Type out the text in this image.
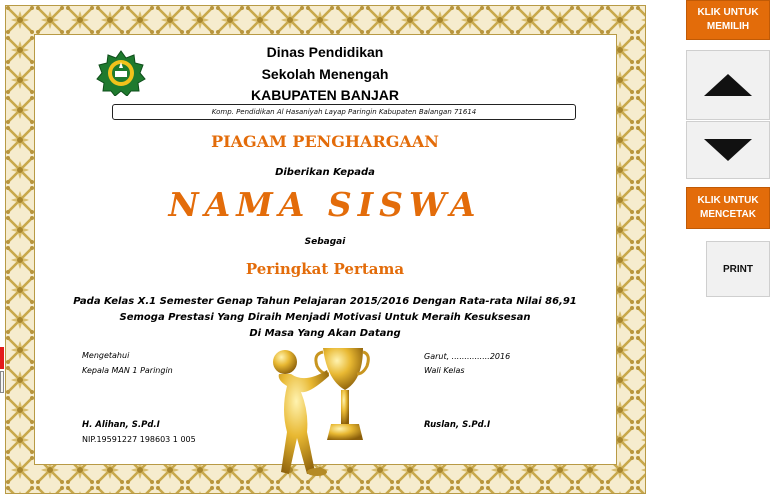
Dinas Pendidikan
Sekolah Menengah
KABUPATEN BANJAR
Komp. Pendidikan Al Hasaniyah Layap Paringin Kabupaten Balangan 71614
PIAGAM PENGHARGAAN
Diberikan Kepada
NAMA SISWA
Sebagai
Peringkat Pertama
Pada Kelas X.1 Semester Genap Tahun Pelajaran 2015/2016 Dengan Rata-rata Nilai 86,91
Semoga Prestasi Yang Diraih Menjadi Motivasi Untuk Meraih Kesuksesan
Di Masa Yang Akan Datang
Mengetahui
Kepala MAN 1 Paringin
H. Alihan, S.Pd.I
NIP.19591227 198603 1 005
Garut, ...............2016
Wali Kelas
Ruslan, S.Pd.I
KLIK UNTUK MEMILIH
KLIK UNTUK MENCETAK
PRINT
